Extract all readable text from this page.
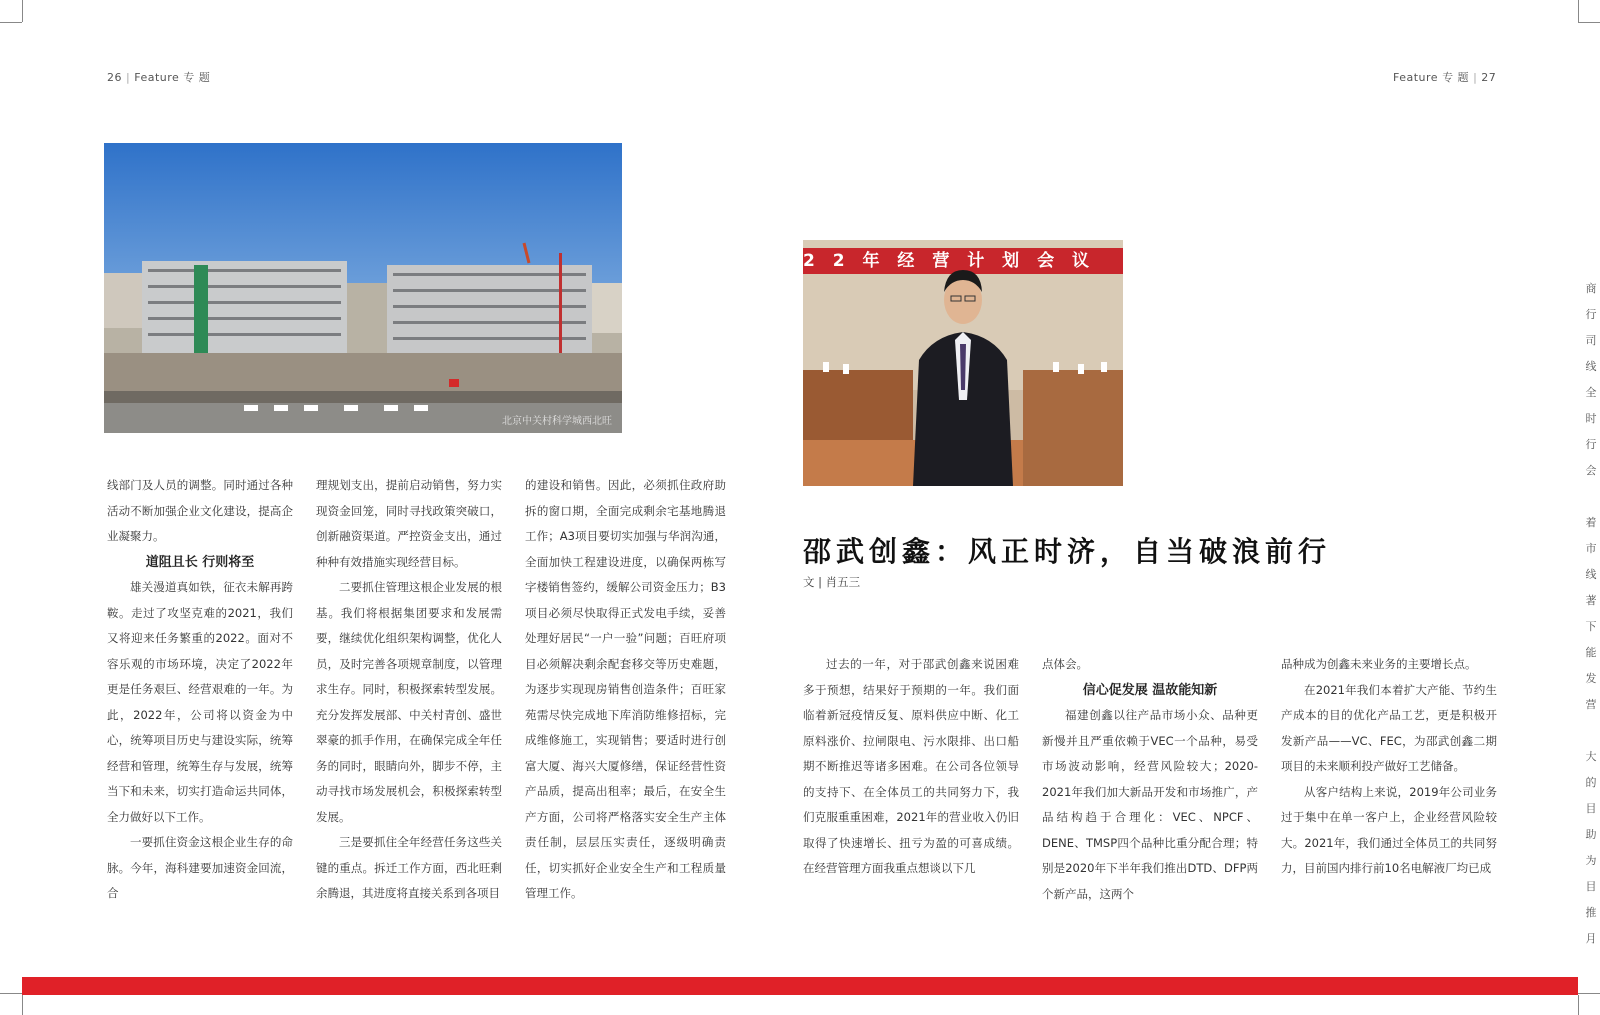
26 | Feature 专 题	Feature 专 题 | 27
北京中关村科学城西北旺

线部门及人员的调整。同时通过各种活动不断加强企业文化建设，提高企业凝聚力。

道阻且长 行则将至

雄关漫道真如铁，征衣未解再跨鞍。走过了攻坚克难的2021，我们又将迎来任务繁重的2022。面对不容乐观的市场环境，决定了2022年更是任务艰巨、经营艰难的一年。为此，2022年，公司将以资金为中心，统筹项目历史与建设实际，统筹经营和管理，统筹生存与发展，统筹当下和未来，切实打造命运共同体，全力做好以下工作。

一要抓住资金这根企业生存的命脉。今年，海科建要加速资金回流，合

理规划支出，提前启动销售，努力实现资金回笼，同时寻找政策突破口，创新融资渠道。严控资金支出，通过种种有效措施实现经营目标。

二要抓住管理这根企业发展的根基。我们将根据集团要求和发展需要，继续优化组织架构调整，优化人员，及时完善各项规章制度，以管理求生存。同时，积极探索转型发展。充分发挥发展部、中关村青创、盛世翠豪的抓手作用，在确保完成全年任务的同时，眼睛向外，脚步不停，主动寻找市场发展机会，积极探索转型发展。

三是要抓住全年经营任务这些关键的重点。拆迁工作方面，西北旺剩余腾退，其进度将直接关系到各项目

的建设和销售。因此，必须抓住政府助拆的窗口期，全面完成剩余宅基地腾退工作；A3项目要切实加强与华润沟通，全面加快工程建设进度，以确保两栋写字楼销售签约，缓解公司资金压力；B3项目必须尽快取得正式发电手续，妥善处理好居民“一户一验”问题；百旺府项目必须解决剩余配套移交等历史难题，为逐步实现现房销售创造条件；百旺家苑需尽快完成地下库消防维修招标，完成维修施工，实现销售；要适时进行创富大厦、海兴大厦修缮，保证经营性资产品质，提高出租率；最后，在安全生产方面，公司将严格落实安全生产主体责任制，层层压实责任，逐级明确责任，切实抓好企业安全生产和工程质量管理工作。

2 2 年 经 营 计 划 会 议
邵武创鑫：风正时济，自当破浪前行
文 | 肖五三

过去的一年，对于邵武创鑫来说困难多于预想，结果好于预期的一年。我们面临着新冠疫情反复、原料供应中断、化工原料涨价、拉闸限电、污水限排、出口船期不断推迟等诸多困难。在公司各位领导的支持下、在全体员工的共同努力下，我们克服重重困难，2021年的营业收入仍旧取得了快速增长、扭亏为盈的可喜成绩。在经营管理方面我重点想谈以下几

点体会。

信心促发展 温故能知新

福建创鑫以往产品市场小众、品种更新慢并且严重依赖于VEC一个品种，易受市场波动影响，经营风险较大；2020-2021年我们加大新品开发和市场推广，产品结构趋于合理化：VEC、NPCF、DENE、TMSP四个品种比重分配合理；特别是2020年下半年我们推出DTD、DFP两个新产品，这两个

品种成为创鑫未来业务的主要增长点。

在2021年我们本着扩大产能、节约生产成本的目的优化产品工艺，更是积极开发新产品——VC、FEC，为邵武创鑫二期项目的未来顺利投产做好工艺储备。

从客户结构上来说，2019年公司业务过于集中在单一客户上，企业经营风险较大。2021年，我们通过全体员工的共同努力，目前国内排行前10名电解液厂均已成

商
行
司
线
全
时
行
会
着
市
线
著
下
能
发
营
大
的
目
助
为
目
推
月
